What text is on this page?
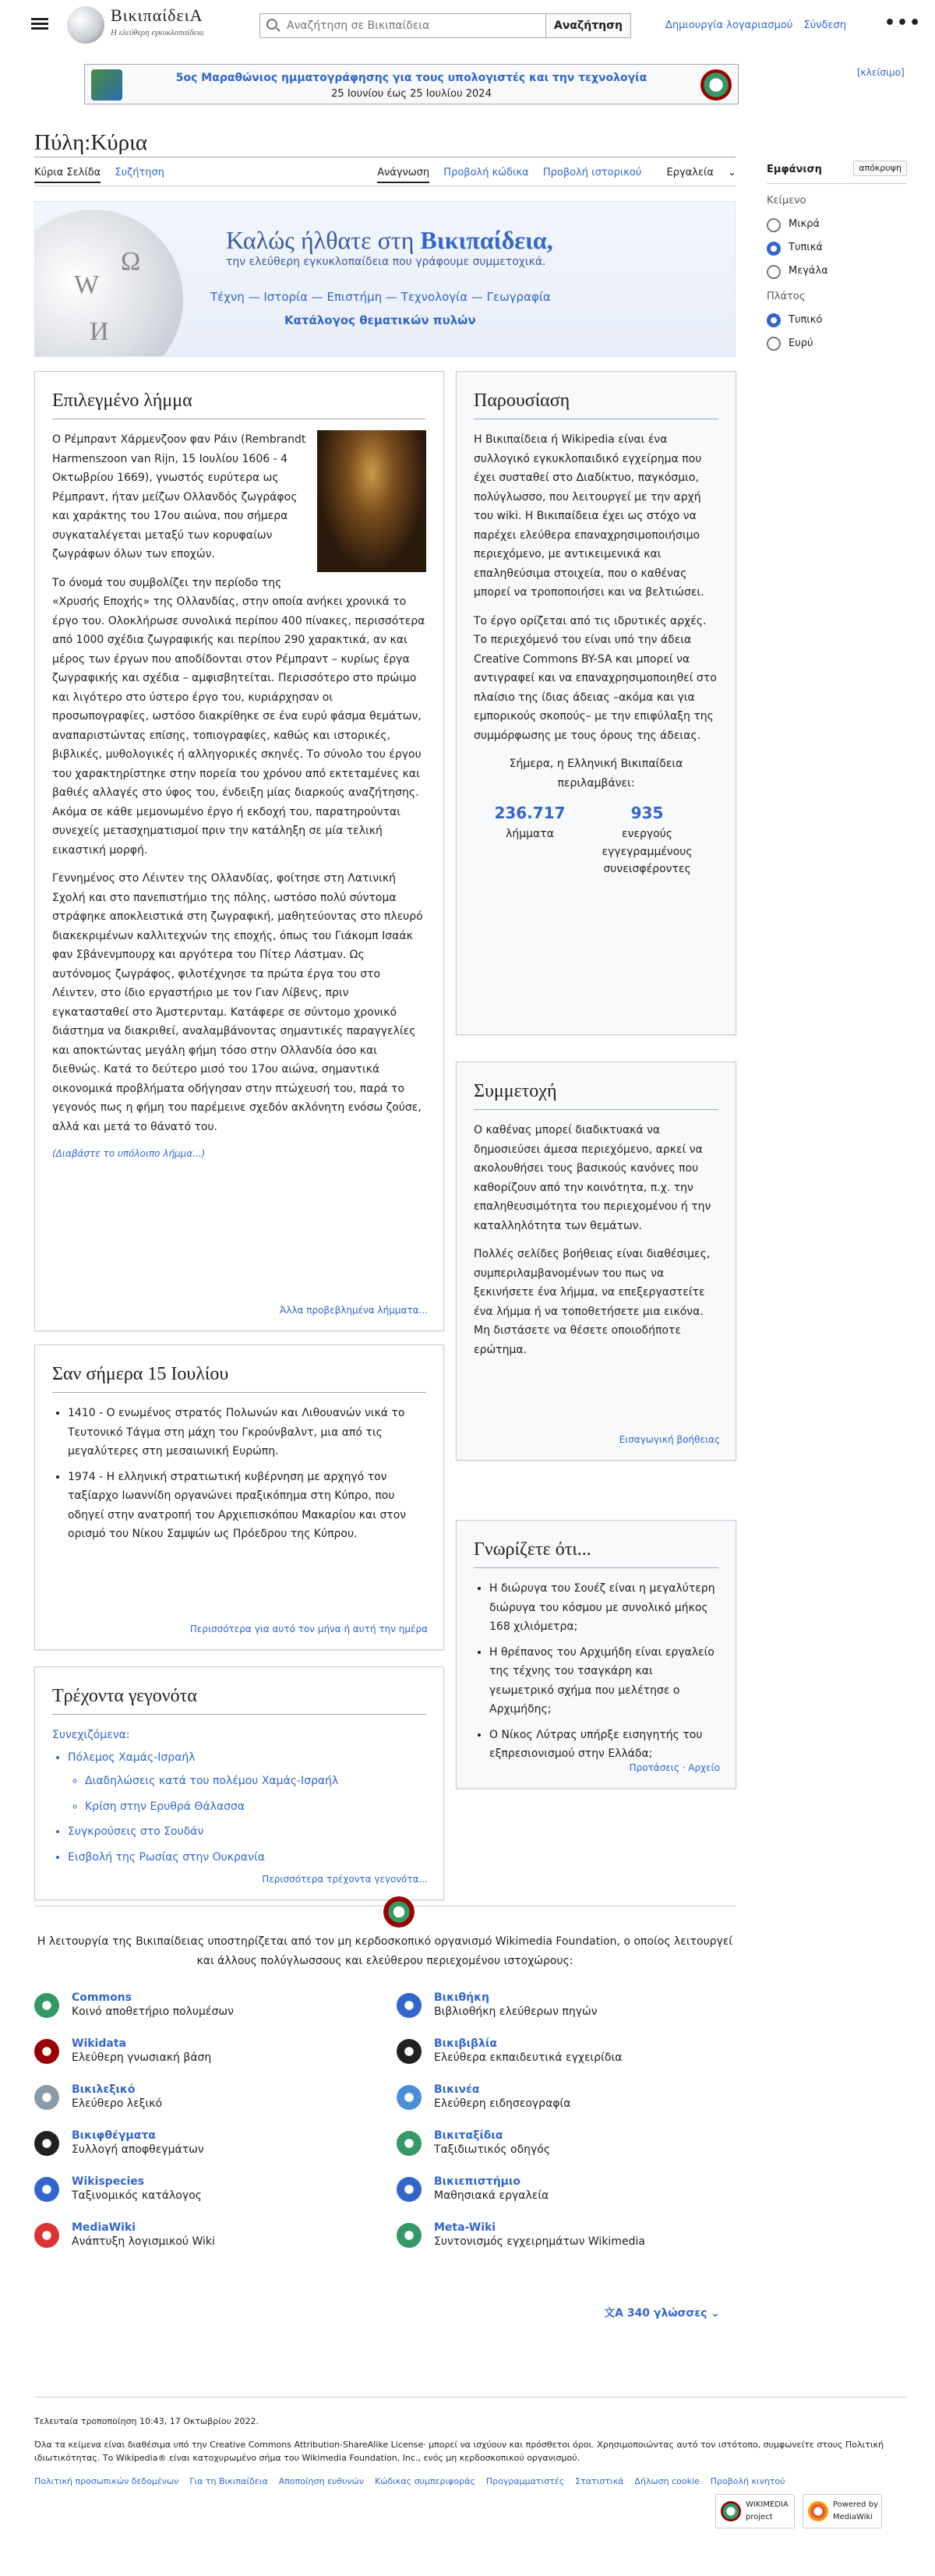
ΒικιπαίδειA
Η ελεύθερη εγκυκλοπαίδεια
Αναζήτηση σε Βικιπαίδεια
Αναζήτηση	Δημιουργία λογαριασμού Σύνδεση •••
5ος Μαραθώνιος ημματογράφησης για τους υπολογιστές και την τεχνολογία
25 Ιουνίου έως 25 Ιουλίου 2024
[κλείσιμο]
Πύλη:Κύρια
Κύρια Σελίδα Συζήτηση	Ανάγνωση Προβολή κώδικα Προβολή ιστορικού Εργαλεία ⌄	Εμφάνιση	απόκρυψη
Κείμενο
Μικρά
Τυπικά
Μεγάλα
Πλάτος
Τυπικό
Ευρύ
W
Ω
И
Καλώς ήλθατε στη Βικιπαίδεια,
την ελεύθερη εγκυκλοπαίδεια που γράφουμε συμμετοχικά.
Τέχνη — Ιστορία — Επιστήμη — Τεχνολογία — Γεωγραφία
Κατάλογος θεματικών πυλών
Επιλεγμένο λήμμα

Ο Ρέμπραντ Χάρμενζοον φαν Ράιν (Rembrandt Harmenszoon van Rijn, 15 Ιουλίου 1606 - 4 Οκτωβρίου 1669), γνωστός ευρύτερα ως Ρέμπραντ, ήταν μείζων Ολλανδός ζωγράφος και χαράκτης του 17ου αιώνα, που σήμερα συγκαταλέγεται μεταξύ των κορυφαίων ζωγράφων όλων των εποχών.

Το όνομά του συμβολίζει την περίοδο της «Χρυσής Εποχής» της Ολλανδίας, στην οποία ανήκει χρονικά το έργο του. Ολοκλήρωσε συνολικά περίπου 400 πίνακες, περισσότερα από 1000 σχέδια ζωγραφικής και περίπου 290 χαρακτικά, αν και μέρος των έργων που αποδίδονται στον Ρέμπραντ – κυρίως έργα ζωγραφικής και σχέδια – αμφισβητείται. Περισσότερο στο πρώιμο και λιγότερο στο ύστερο έργο του, κυριάρχησαν οι προσωπογραφίες, ωστόσο διακρίθηκε σε ένα ευρύ φάσμα θεμάτων, αναπαριστώντας επίσης, τοπιογραφίες, καθώς και ιστορικές, βιβλικές, μυθολογικές ή αλληγορικές σκηνές. Το σύνολο του έργου του χαρακτηρίστηκε στην πορεία του χρόνου από εκτεταμένες και βαθιές αλλαγές στο ύφος του, ένδειξη μίας διαρκούς αναζήτησης. Ακόμα σε κάθε μεμονωμένο έργο ή εκδοχή του, παρατηρούνται συνεχείς μετασχηματισμοί πριν την κατάληξη σε μία τελική εικαστική μορφή.

Γεννημένος στο Λέιντεν της Ολλανδίας, φοίτησε στη Λατινική Σχολή και στο πανεπιστήμιο της πόλης, ωστόσο πολύ σύντομα στράφηκε αποκλειστικά στη ζωγραφική, μαθητεύοντας στο πλευρό διακεκριμένων καλλιτεχνών της εποχής, όπως του Γιάκομπ Ισαάκ φαν Σβάνενμπουρχ και αργότερα του Πίτερ Λάστμαν. Ως αυτόνομος ζωγράφος, φιλοτέχνησε τα πρώτα έργα του στο Λέιντεν, στο ίδιο εργαστήριο με τον Γιαν Λίβενς, πριν εγκατασταθεί στο Άμστερνταμ. Κατάφερε σε σύντομο χρονικό διάστημα να διακριθεί, αναλαμβάνοντας σημαντικές παραγγελίες και αποκτώντας μεγάλη φήμη τόσο στην Ολλανδία όσο και διεθνώς. Κατά το δεύτερο μισό του 17ου αιώνα, σημαντικά οικονομικά προβλήματα οδήγησαν στην πτώχευσή του, παρά το γεγονός πως η φήμη του παρέμεινε σχεδόν ακλόνητη ενόσω ζούσε, αλλά και μετά το θάνατό του.

(Διαβάστε το υπόλοιπο λήμμα...)

Άλλα προβεβλημένα λήμματα...
Παρουσίαση

Η Βικιπαίδεια ή Wikipedia είναι ένα συλλογικό εγκυκλοπαιδικό εγχείρημα που έχει συσταθεί στο Διαδίκτυο, παγκόσμιο, πολύγλωσσο, που λειτουργεί με την αρχή του wiki. Η Βικιπαίδεια έχει ως στόχο να παρέχει ελεύθερα επαναχρησιμοποιήσιμο περιεχόμενο, με αντικειμενικά και επαληθεύσιμα στοιχεία, που ο καθένας μπορεί να τροποποιήσει και να βελτιώσει.

Το έργο ορίζεται από τις ιδρυτικές αρχές. Το περιεχόμενό του είναι υπό την άδεια Creative Commons BY-SA και μπορεί να αντιγραφεί και να επαναχρησιμοποιηθεί στο πλαίσιο της ίδιας άδειας –ακόμα και για εμπορικούς σκοπούς– με την επιφύλαξη της συμμόρφωσης με τους όρους της άδειας.

Σήμερα, η Ελληνική Βικιπαίδεια περιλαμβάνει:

236.717
λήμματα
935
ενεργούς εγγεγραμμένους συνεισφέροντες
Συμμετοχή

Ο καθένας μπορεί διαδικτυακά να δημοσιεύσει άμεσα περιεχόμενο, αρκεί να ακολουθήσει τους βασικούς κανόνες που καθορίζουν από την κοινότητα, π.χ. την επαληθευσιμότητα του περιεχομένου ή την καταλληλότητα των θεμάτων.

Πολλές σελίδες βοήθειας είναι διαθέσιμες, συμπεριλαμβανομένων του πως να ξεκινήσετε ένα λήμμα, να επεξεργαστείτε ένα λήμμα ή να τοποθετήσετε μια εικόνα. Μη διστάσετε να θέσετε οποιοδήποτε ερώτημα.

Εισαγωγική βοήθειας
Σαν σήμερα 15 Ιουλίου
• 1410 - Ο ενωμένος στρατός Πολωνών και Λιθουανών νικά το Τευτονικό Τάγμα στη μάχη του Γκρούνβαλντ, μια από τις μεγαλύτερες στη μεσαιωνική Ευρώπη.
• 1974 - Η ελληνική στρατιωτική κυβέρνηση με αρχηγό τον ταξίαρχο Ιωαννίδη οργανώνει πραξικόπημα στη Κύπρο, που οδηγεί στην ανατροπή του Αρχιεπισκόπου Μακαρίου και στον ορισμό του Νίκου Σαμψών ως Πρόεδρου της Κύπρου.
Περισσότερα για αυτό τον μήνα ή αυτή την ημέρα
Γνωρίζετε ότι...
• Η διώρυγα του Σουέζ είναι η μεγαλύτερη διώρυγα του κόσμου με συνολικό μήκος 168 χιλιόμετρα;
• Η θρέπανος του Αρχιμήδη είναι εργαλείο της τέχνης του τσαγκάρη και γεωμετρικό σχήμα που μελέτησε ο Αρχιμήδης;
• Ο Νίκος Λύτρας υπήρξε εισηγητής του εξπρεσιονισμού στην Ελλάδα;
Προτάσεις · Αρχείο
Τρέχοντα γεγονότα

Συνεχιζόμενα:

• Πόλεμος Χαμάς-Ισραήλ
◦ Διαδηλώσεις κατά του πολέμου Χαμάς-Ισραήλ
◦ Κρίση στην Ερυθρά Θάλασσα
• Συγκρούσεις στο Σουδάν
• Εισβολή της Ρωσίας στην Ουκρανία
Περισσότερα τρέχοντα γεγονότα...
Η λειτουργία της Βικιπαίδειας υποστηρίζεται από τον μη κερδοσκοπικό οργανισμό Wikimedia Foundation, ο οποίος λειτουργεί και άλλους πολύγλωσσους και ελεύθερου περιεχομένου ιστοχώρους:
Commons
Κοινό αποθετήριο πολυμέσων
Βικιθήκη
Βιβλιοθήκη ελεύθερων πηγών
Wikidata
Ελεύθερη γνωσιακή βάση
Βικιβιβλία
Ελεύθερα εκπαιδευτικά εγχειρίδια
Βικιλεξικό
Ελεύθερο λεξικό
Βικινέα
Ελεύθερη ειδησεογραφία
Βικιφθέγματα
Συλλογή αποφθεγμάτων
Βικιταξίδια
Ταξιδιωτικός οδηγός
Wikispecies
Ταξινομικός κατάλογος
Βικιεπιστήμιο
Μαθησιακά εργαλεία
MediaWiki
Ανάπτυξη λογισμικού Wiki
Meta-Wiki
Συντονισμός εγχειρημάτων Wikimedia
文A 340 γλώσσες ⌄

Τελευταία τροποποίηση 10:43, 17 Οκτωβρίου 2022.

Όλα τα κείμενα είναι διαθέσιμα υπό την Creative Commons Attribution-ShareAlike License· μπορεί να ισχύουν και πρόσθετοι όροι. Χρησιμοποιώντας αυτό τον ιστότοπο, συμφωνείτε στους Πολιτική ιδιωτικότητας. Το Wikipedia® είναι κατοχυρωμένο σήμα του Wikimedia Foundation, Inc., ενός μη κερδοσκοπικού οργανισμού.

Πολιτική προσωπικών δεδομένων Για τη Βικιπαίδεια Αποποίηση ευθυνών Κώδικας συμπεριφοράς Προγραμματιστές Στατιστικά Δήλωση cookie Προβολή κινητού
WIKIMEDIA project
Powered by MediaWiki
